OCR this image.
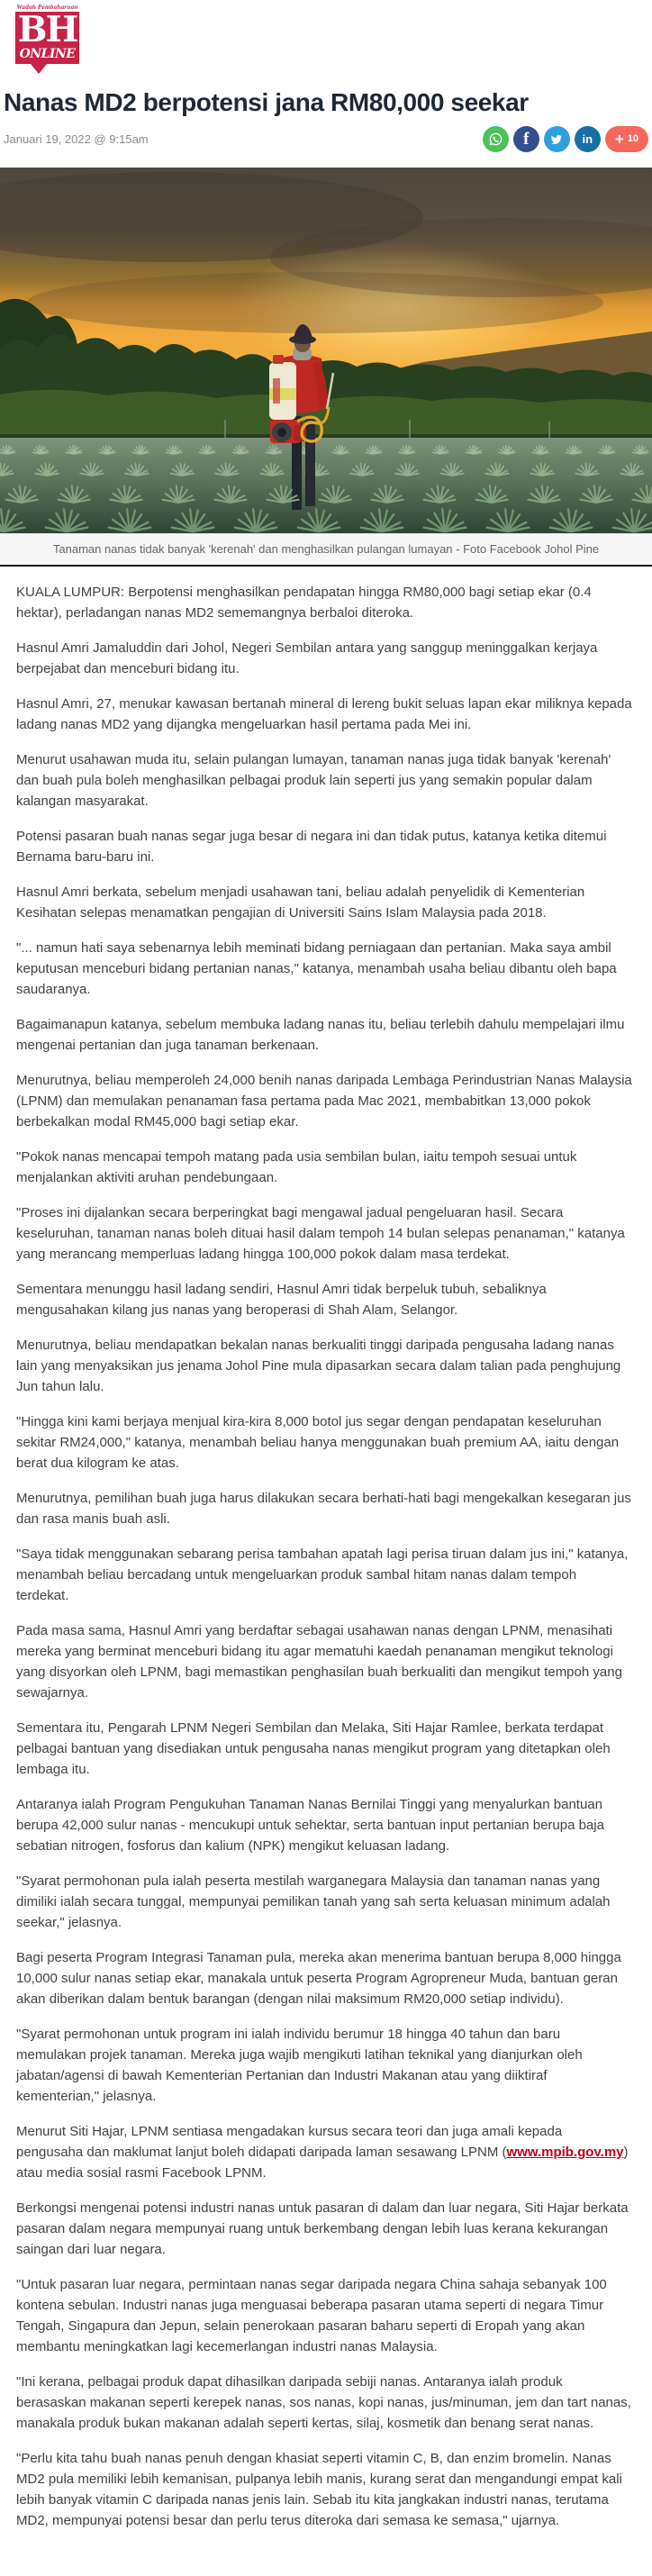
Wadah Pembaharuan
BH
ONLINE
Nanas MD2 berpotensi jana RM80,000 seekar
Januari 19, 2022 @ 9:15am	f	in + 10
Tanaman nanas tidak banyak 'kerenah' dan menghasilkan pulangan lumayan - Foto Facebook Johol Pine

KUALA LUMPUR: Berpotensi menghasilkan pendapatan hingga RM80,000 bagi setiap ekar (0.4 hektar), perladangan nanas MD2 sememangnya berbaloi diteroka.

Hasnul Amri Jamaluddin dari Johol, Negeri Sembilan antara yang sanggup meninggalkan kerjaya berpejabat dan menceburi bidang itu.

Hasnul Amri, 27, menukar kawasan bertanah mineral di lereng bukit seluas lapan ekar miliknya kepada ladang nanas MD2 yang dijangka mengeluarkan hasil pertama pada Mei ini.

Menurut usahawan muda itu, selain pulangan lumayan, tanaman nanas juga tidak banyak 'kerenah' dan buah pula boleh menghasilkan pelbagai produk lain seperti jus yang semakin popular dalam kalangan masyarakat.

Potensi pasaran buah nanas segar juga besar di negara ini dan tidak putus, katanya ketika ditemui Bernama baru-baru ini.

Hasnul Amri berkata, sebelum menjadi usahawan tani, beliau adalah penyelidik di Kementerian Kesihatan selepas menamatkan pengajian di Universiti Sains Islam Malaysia pada 2018.

"... namun hati saya sebenarnya lebih meminati bidang perniagaan dan pertanian. Maka saya ambil keputusan menceburi bidang pertanian nanas," katanya, menambah usaha beliau dibantu oleh bapa saudaranya.

Bagaimanapun katanya, sebelum membuka ladang nanas itu, beliau terlebih dahulu mempelajari ilmu mengenai pertanian dan juga tanaman berkenaan.

Menurutnya, beliau memperoleh 24,000 benih nanas daripada Lembaga Perindustrian Nanas Malaysia (LPNM) dan memulakan penanaman fasa pertama pada Mac 2021, membabitkan 13,000 pokok berbekalkan modal RM45,000 bagi setiap ekar.

"Pokok nanas mencapai tempoh matang pada usia sembilan bulan, iaitu tempoh sesuai untuk menjalankan aktiviti aruhan pendebungaan.

"Proses ini dijalankan secara berperingkat bagi mengawal jadual pengeluaran hasil. Secara keseluruhan, tanaman nanas boleh dituai hasil dalam tempoh 14 bulan selepas penanaman," katanya yang merancang memperluas ladang hingga 100,000 pokok dalam masa terdekat.

Sementara menunggu hasil ladang sendiri, Hasnul Amri tidak berpeluk tubuh, sebaliknya mengusahakan kilang jus nanas yang beroperasi di Shah Alam, Selangor.

Menurutnya, beliau mendapatkan bekalan nanas berkualiti tinggi daripada pengusaha ladang nanas lain yang menyaksikan jus jenama Johol Pine mula dipasarkan secara dalam talian pada penghujung Jun tahun lalu.

"Hingga kini kami berjaya menjual kira-kira 8,000 botol jus segar dengan pendapatan keseluruhan sekitar RM24,000," katanya, menambah beliau hanya menggunakan buah premium AA, iaitu dengan berat dua kilogram ke atas.

Menurutnya, pemilihan buah juga harus dilakukan secara berhati-hati bagi mengekalkan kesegaran jus dan rasa manis buah asli.

"Saya tidak menggunakan sebarang perisa tambahan apatah lagi perisa tiruan dalam jus ini," katanya, menambah beliau bercadang untuk mengeluarkan produk sambal hitam nanas dalam tempoh terdekat.

Pada masa sama, Hasnul Amri yang berdaftar sebagai usahawan nanas dengan LPNM, menasihati mereka yang berminat menceburi bidang itu agar mematuhi kaedah penanaman mengikut teknologi yang disyorkan oleh LPNM, bagi memastikan penghasilan buah berkualiti dan mengikut tempoh yang sewajarnya.

Sementara itu, Pengarah LPNM Negeri Sembilan dan Melaka, Siti Hajar Ramlee, berkata terdapat pelbagai bantuan yang disediakan untuk pengusaha nanas mengikut program yang ditetapkan oleh lembaga itu.

Antaranya ialah Program Pengukuhan Tanaman Nanas Bernilai Tinggi yang menyalurkan bantuan berupa 42,000 sulur nanas - mencukupi untuk sehektar, serta bantuan input pertanian berupa baja sebatian nitrogen, fosforus dan kalium (NPK) mengikut keluasan ladang.

"Syarat permohonan pula ialah peserta mestilah warganegara Malaysia dan tanaman nanas yang dimiliki ialah secara tunggal, mempunyai pemilikan tanah yang sah serta keluasan minimum adalah seekar," jelasnya.

Bagi peserta Program Integrasi Tanaman pula, mereka akan menerima bantuan berupa 8,000 hingga 10,000 sulur nanas setiap ekar, manakala untuk peserta Program Agropreneur Muda, bantuan geran akan diberikan dalam bentuk barangan (dengan nilai maksimum RM20,000 setiap individu).

"Syarat permohonan untuk program ini ialah individu berumur 18 hingga 40 tahun dan baru memulakan projek tanaman. Mereka juga wajib mengikuti latihan teknikal yang dianjurkan oleh jabatan/agensi di bawah Kementerian Pertanian dan Industri Makanan atau yang diiktiraf kementerian," jelasnya.

Menurut Siti Hajar, LPNM sentiasa mengadakan kursus secara teori dan juga amali kepada pengusaha dan maklumat lanjut boleh didapati daripada laman sesawang LPNM (www.mpib.gov.my) atau media sosial rasmi Facebook LPNM.

Berkongsi mengenai potensi industri nanas untuk pasaran di dalam dan luar negara, Siti Hajar berkata pasaran dalam negara mempunyai ruang untuk berkembang dengan lebih luas kerana kekurangan saingan dari luar negara.

"Untuk pasaran luar negara, permintaan nanas segar daripada negara China sahaja sebanyak 100 kontena sebulan. Industri nanas juga menguasai beberapa pasaran utama seperti di negara Timur Tengah, Singapura dan Jepun, selain penerokaan pasaran baharu seperti di Eropah yang akan membantu meningkatkan lagi kecemerlangan industri nanas Malaysia.

"Ini kerana, pelbagai produk dapat dihasilkan daripada sebiji nanas. Antaranya ialah produk berasaskan makanan seperti kerepek nanas, sos nanas, kopi nanas, jus/minuman, jem dan tart nanas, manakala produk bukan makanan adalah seperti kertas, silaj, kosmetik dan benang serat nanas.

"Perlu kita tahu buah nanas penuh dengan khasiat seperti vitamin C, B, dan enzim bromelin. Nanas MD2 pula memiliki lebih kemanisan, pulpanya lebih manis, kurang serat dan mengandungi empat kali lebih banyak vitamin C daripada nanas jenis lain. Sebab itu kita jangkakan industri nanas, terutama MD2, mempunyai potensi besar dan perlu terus diteroka dari semasa ke semasa," ujarnya.
